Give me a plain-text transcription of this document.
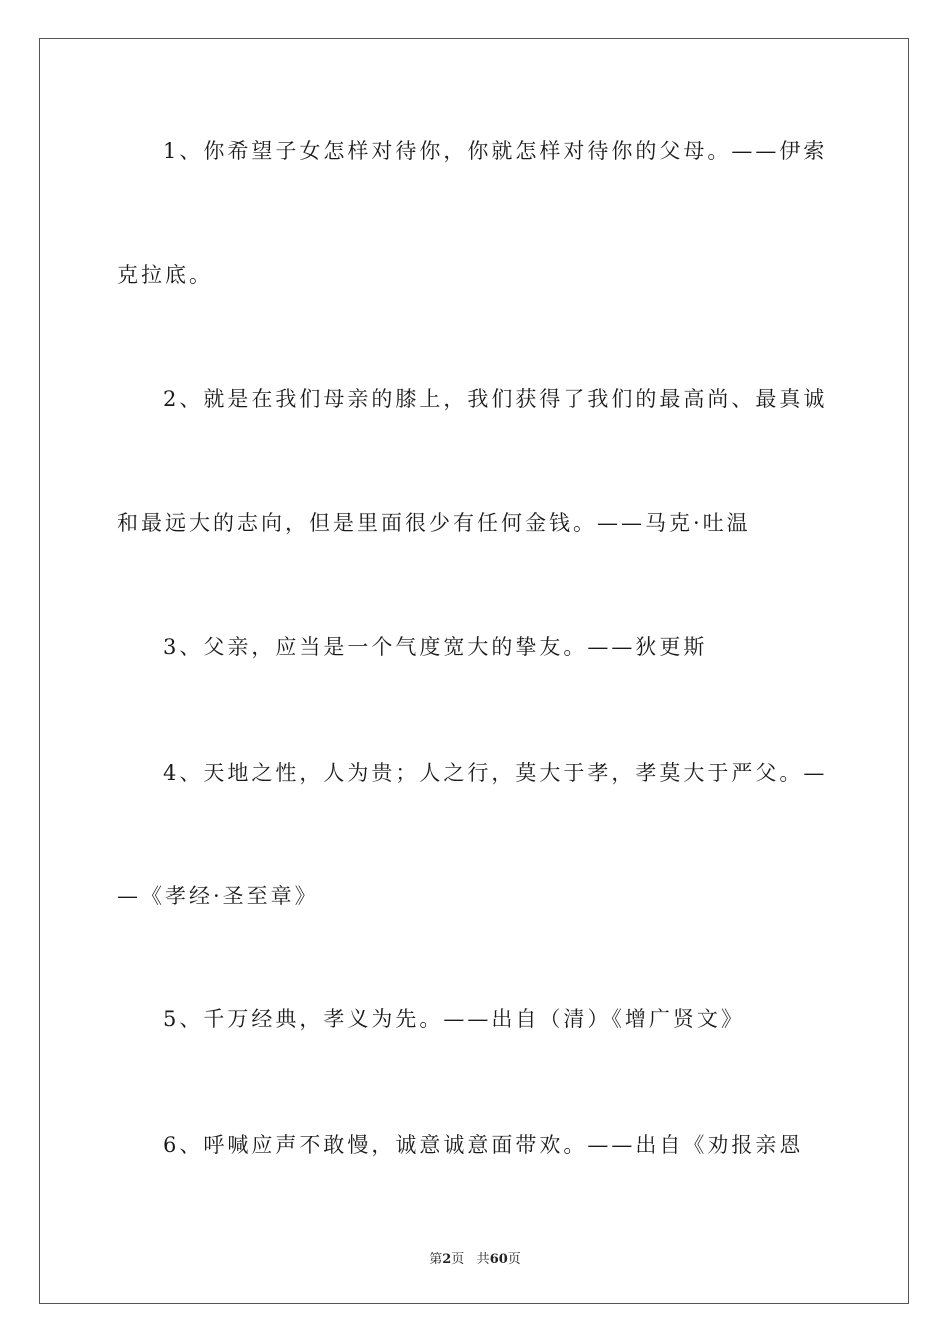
1、你希望子女怎样对待你，你就怎样对待你的父母。——伊索
克拉底。
2、就是在我们母亲的膝上，我们获得了我们的最高尚、最真诚
和最远大的志向，但是里面很少有任何金钱。——马克·吐温
3、父亲，应当是一个气度宽大的挚友。——狄更斯
4、天地之性，人为贵；人之行，莫大于孝，孝莫大于严父。—
—《孝经·圣至章》
5、千万经典，孝义为先。——出自（清）《增广贤文》
6、呼喊应声不敢慢，诚意诚意面带欢。——出自《劝报亲恩
第2页 共60页
